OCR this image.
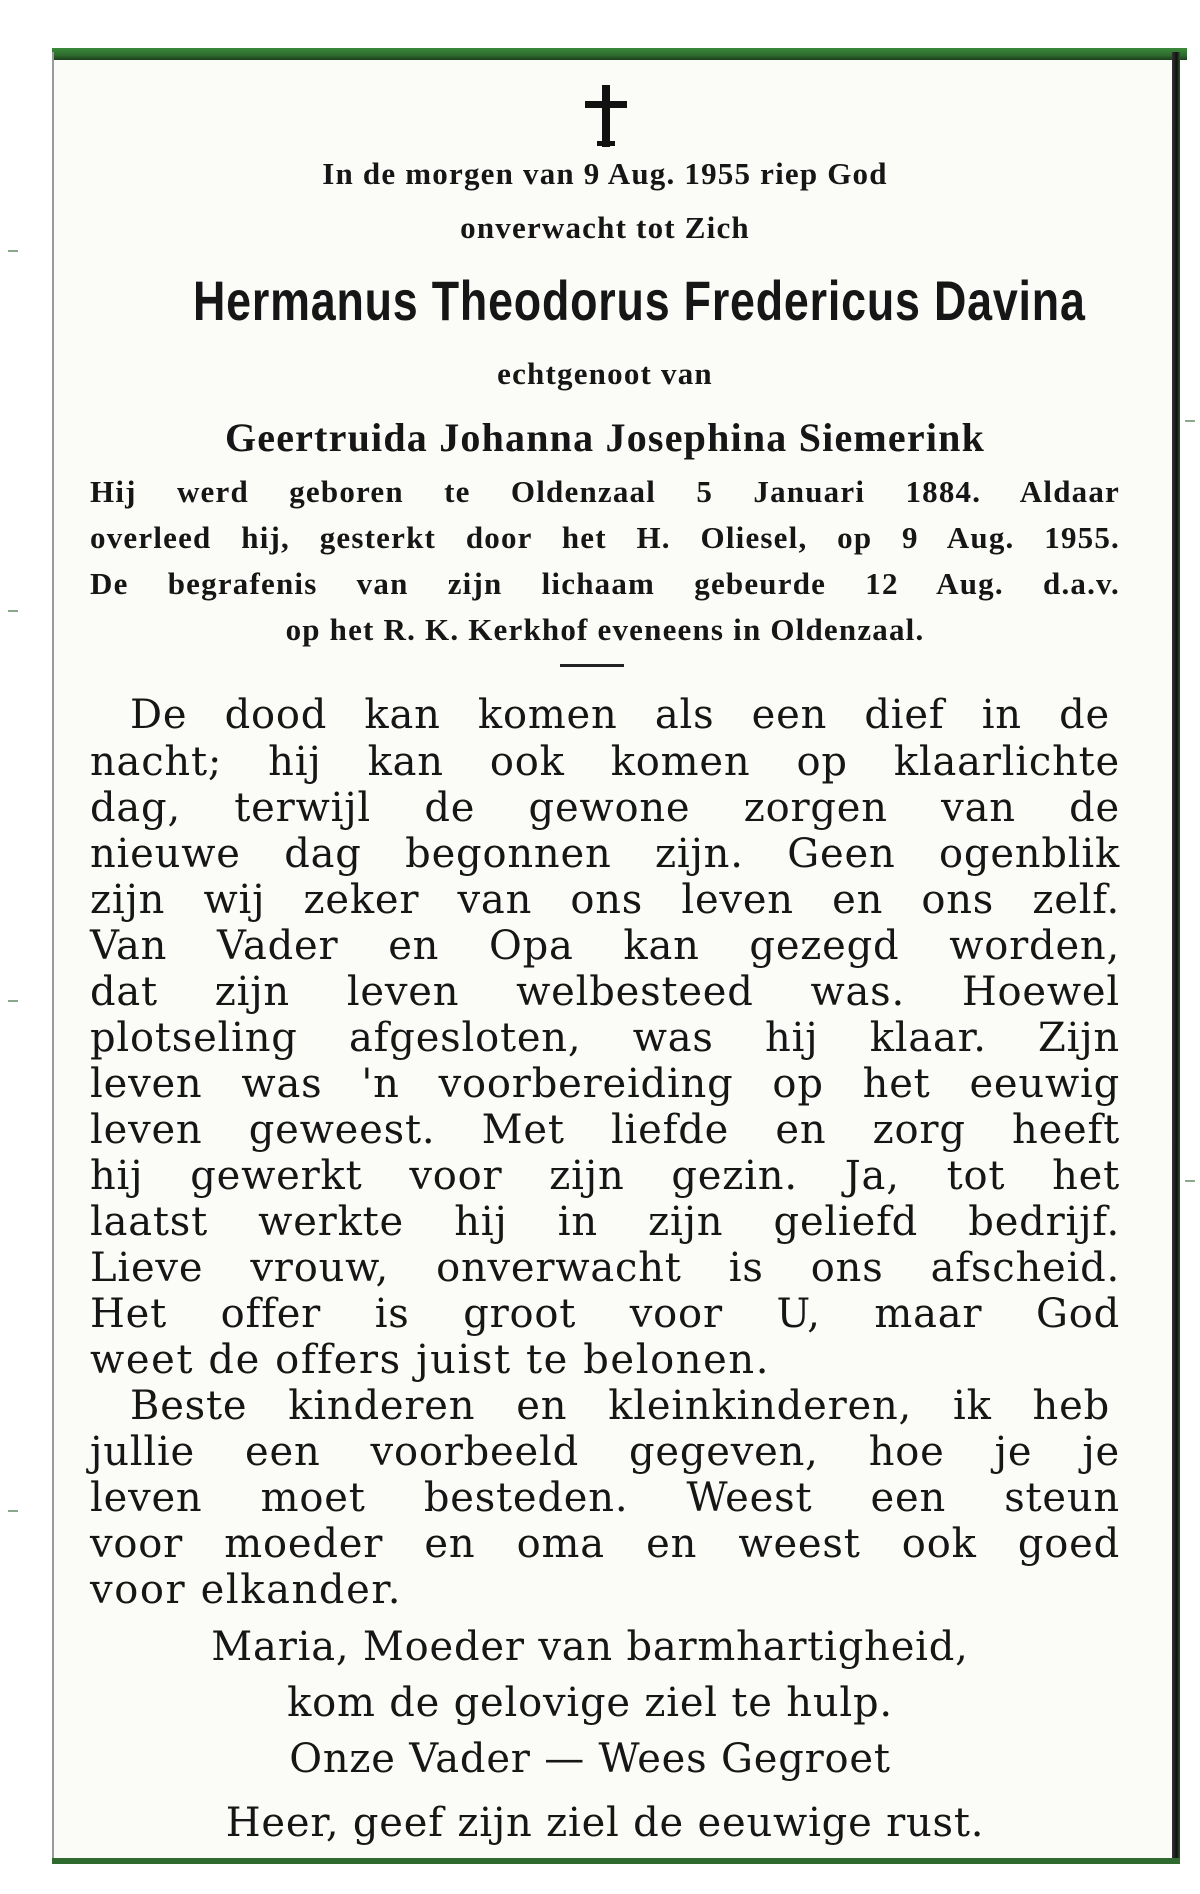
In de morgen van 9 Aug. 1955 riep God
onverwacht tot Zich
Hermanus Theodorus Fredericus Davina
echtgenoot van
Geertruida Johanna Josephina Siemerink
Hij werd geboren te Oldenzaal 5 Januari 1884. Aldaar
overleed hij, gesterkt door het H. Oliesel, op 9 Aug. 1955.
De begrafenis van zijn lichaam gebeurde 12 Aug. d.a.v.
op het R. K. Kerkhof eveneens in Oldenzaal.
De dood kan komen als een dief in de
nacht; hij kan ook komen op klaarlichte
dag, terwijl de gewone zorgen van de
nieuwe dag begonnen zijn. Geen ogenblik
zijn wij zeker van ons leven en ons zelf.
Van Vader en Opa kan gezegd worden,
dat zijn leven welbesteed was. Hoewel
plotseling afgesloten, was hij klaar. Zijn
leven was 'n voorbereiding op het eeuwig
leven geweest. Met liefde en zorg heeft
hij gewerkt voor zijn gezin. Ja, tot het
laatst werkte hij in zijn geliefd bedrijf.
Lieve vrouw, onverwacht is ons afscheid.
Het offer is groot voor U, maar God
weet de offers juist te belonen.
Beste kinderen en kleinkinderen, ik heb
jullie een voorbeeld gegeven, hoe je je
leven moet besteden. Weest een steun
voor moeder en oma en weest ook goed
voor elkander.
Maria, Moeder van barmhartigheid,
kom de gelovige ziel te hulp.
Onze Vader — Wees Gegroet
Heer, geef zijn ziel de eeuwige rust.
